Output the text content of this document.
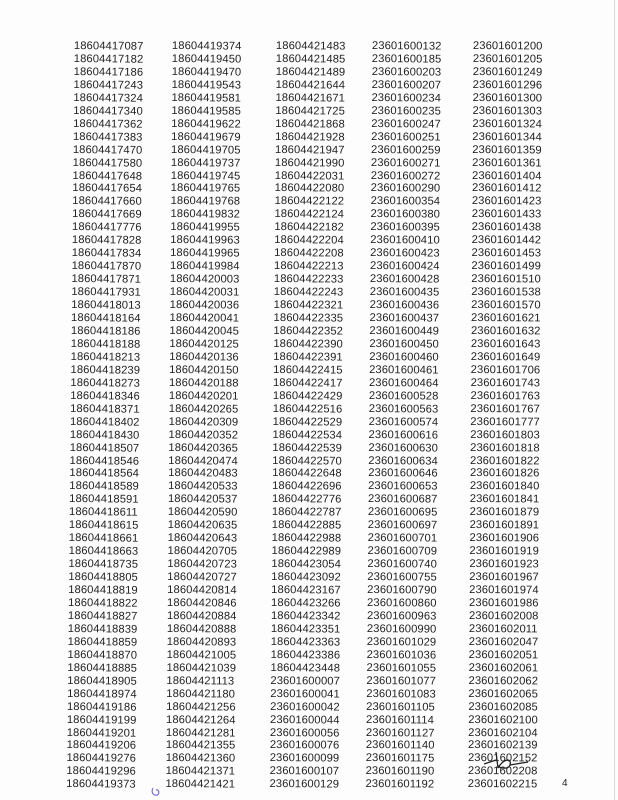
18604417087
18604417182
18604417186
18604417243
18604417324
18604417340
18604417362
18604417383
18604417470
18604417580
18604417648
18604417654
18604417660
18604417669
18604417776
18604417828
18604417834
18604417870
18604417871
18604417931
18604418013
18604418164
18604418186
18604418188
18604418213
18604418239
18604418273
18604418346
18604418371
18604418402
18604418430
18604418507
18604418546
18604418564
18604418589
18604418591
18604418611
18604418615
18604418661
18604418663
18604418735
18604418805
18604418819
18604418822
18604418827
18604418839
18604418859
18604418870
18604418885
18604418905
18604418974
18604419186
18604419199
18604419201
18604419206
18604419276
18604419296
18604419373
18604419374
18604419450
18604419470
18604419543
18604419581
18604419585
18604419622
18604419679
18604419705
18604419737
18604419745
18604419765
18604419768
18604419832
18604419955
18604419963
18604419965
18604419984
18604420003
18604420031
18604420036
18604420041
18604420045
18604420125
18604420136
18604420150
18604420188
18604420201
18604420265
18604420309
18604420352
18604420365
18604420474
18604420483
18604420533
18604420537
18604420590
18604420635
18604420643
18604420705
18604420723
18604420727
18604420814
18604420846
18604420884
18604420888
18604420893
18604421005
18604421039
18604421113
18604421180
18604421256
18604421264
18604421281
18604421355
18604421360
18604421371
18604421421
18604421483
18604421485
18604421489
18604421644
18604421671
18604421725
18604421868
18604421928
18604421947
18604421990
18604422031
18604422080
18604422122
18604422124
18604422182
18604422204
18604422208
18604422213
18604422233
18604422243
18604422321
18604422335
18604422352
18604422390
18604422391
18604422415
18604422417
18604422429
18604422516
18604422529
18604422534
18604422539
18604422570
18604422648
18604422696
18604422776
18604422787
18604422885
18604422988
18604422989
18604423054
18604423092
18604423167
18604423266
18604423342
18604423351
18604423363
18604423386
18604423448
23601600007
23601600041
23601600042
23601600044
23601600056
23601600076
23601600099
23601600107
23601600129
23601600132
23601600185
23601600203
23601600207
23601600234
23601600235
23601600247
23601600251
23601600259
23601600271
23601600272
23601600290
23601600354
23601600380
23601600395
23601600410
23601600423
23601600424
23601600428
23601600435
23601600436
23601600437
23601600449
23601600450
23601600460
23601600461
23601600464
23601600528
23601600563
23601600574
23601600616
23601600630
23601600634
23601600646
23601600653
23601600687
23601600695
23601600697
23601600701
23601600709
23601600740
23601600755
23601600790
23601600860
23601600963
23601600990
23601601029
23601601036
23601601055
23601601077
23601601083
23601601105
23601601114
23601601127
23601601140
23601601175
23601601190
23601601192
23601601200
23601601205
23601601249
23601601296
23601601300
23601601303
23601601324
23601601344
23601601359
23601601361
23601601404
23601601412
23601601423
23601601433
23601601438
23601601442
23601601453
23601601499
23601601510
23601601538
23601601570
23601601621
23601601632
23601601643
23601601649
23601601706
23601601743
23601601763
23601601767
23601601777
23601601803
23601601818
23601601822
23601601826
23601601840
23601601841
23601601879
23601601891
23601601906
23601601919
23601601923
23601601967
23601601974
23601601986
23601602008
23601602011
23601602047
23601602051
23601602061
23601602062
23601602065
23601602085
23601602100
23601602104
23601602139
23601602152
23601602208
23601602215 4
